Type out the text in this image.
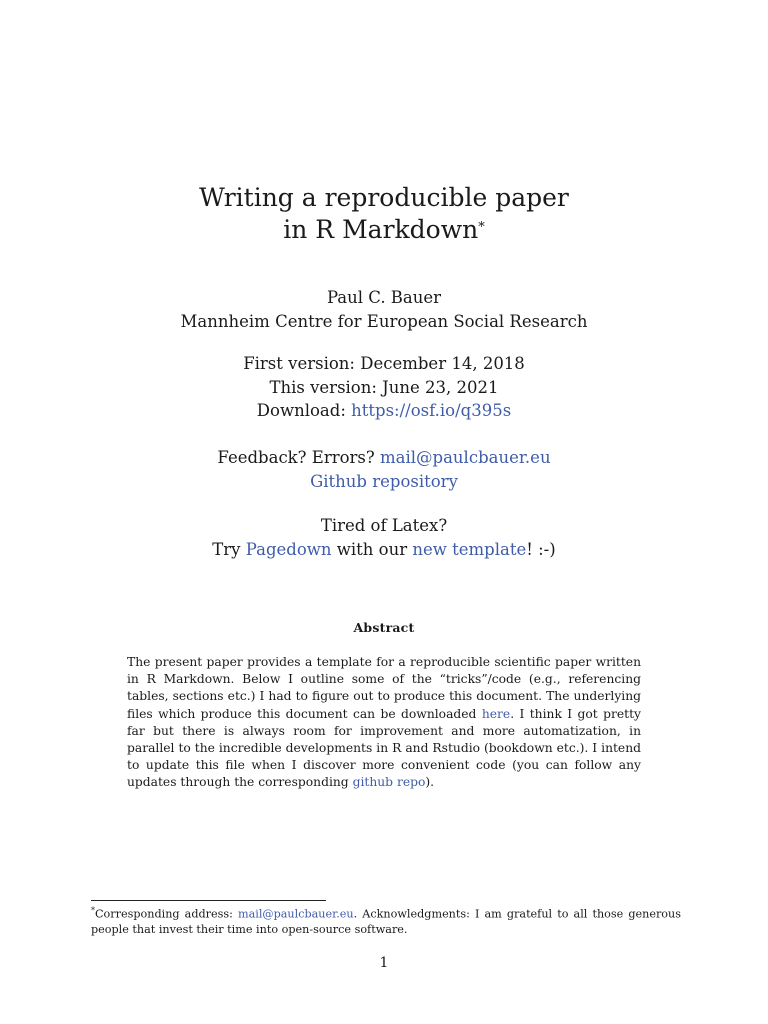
Writing a reproducible paper
in R Markdown*
Paul C. Bauer
Mannheim Centre for European Social Research
First version: December 14, 2018
This version: June 23, 2021
Download: https://osf.io/q395s
Feedback? Errors? mail@paulcbauer.eu
Github repository
Tired of Latex?
Try Pagedown with our new template! :-)
Abstract
The present paper provides a template for a reproducible scientific paper written in R Markdown. Below I outline some of the “tricks”/code (e.g., referencing tables, sections etc.) I had to figure out to produce this document. The underlying files which produce this document can be downloaded here. I think I got pretty far but there is always room for improvement and more automatization, in parallel to the incredible developments in R and Rstudio (bookdown etc.). I intend to update this file when I discover more convenient code (you can follow any updates through the corresponding github repo).
*Corresponding address: mail@paulcbauer.eu. Acknowledgments: I am grateful to all those generous people that invest their time into open-source software.
1
